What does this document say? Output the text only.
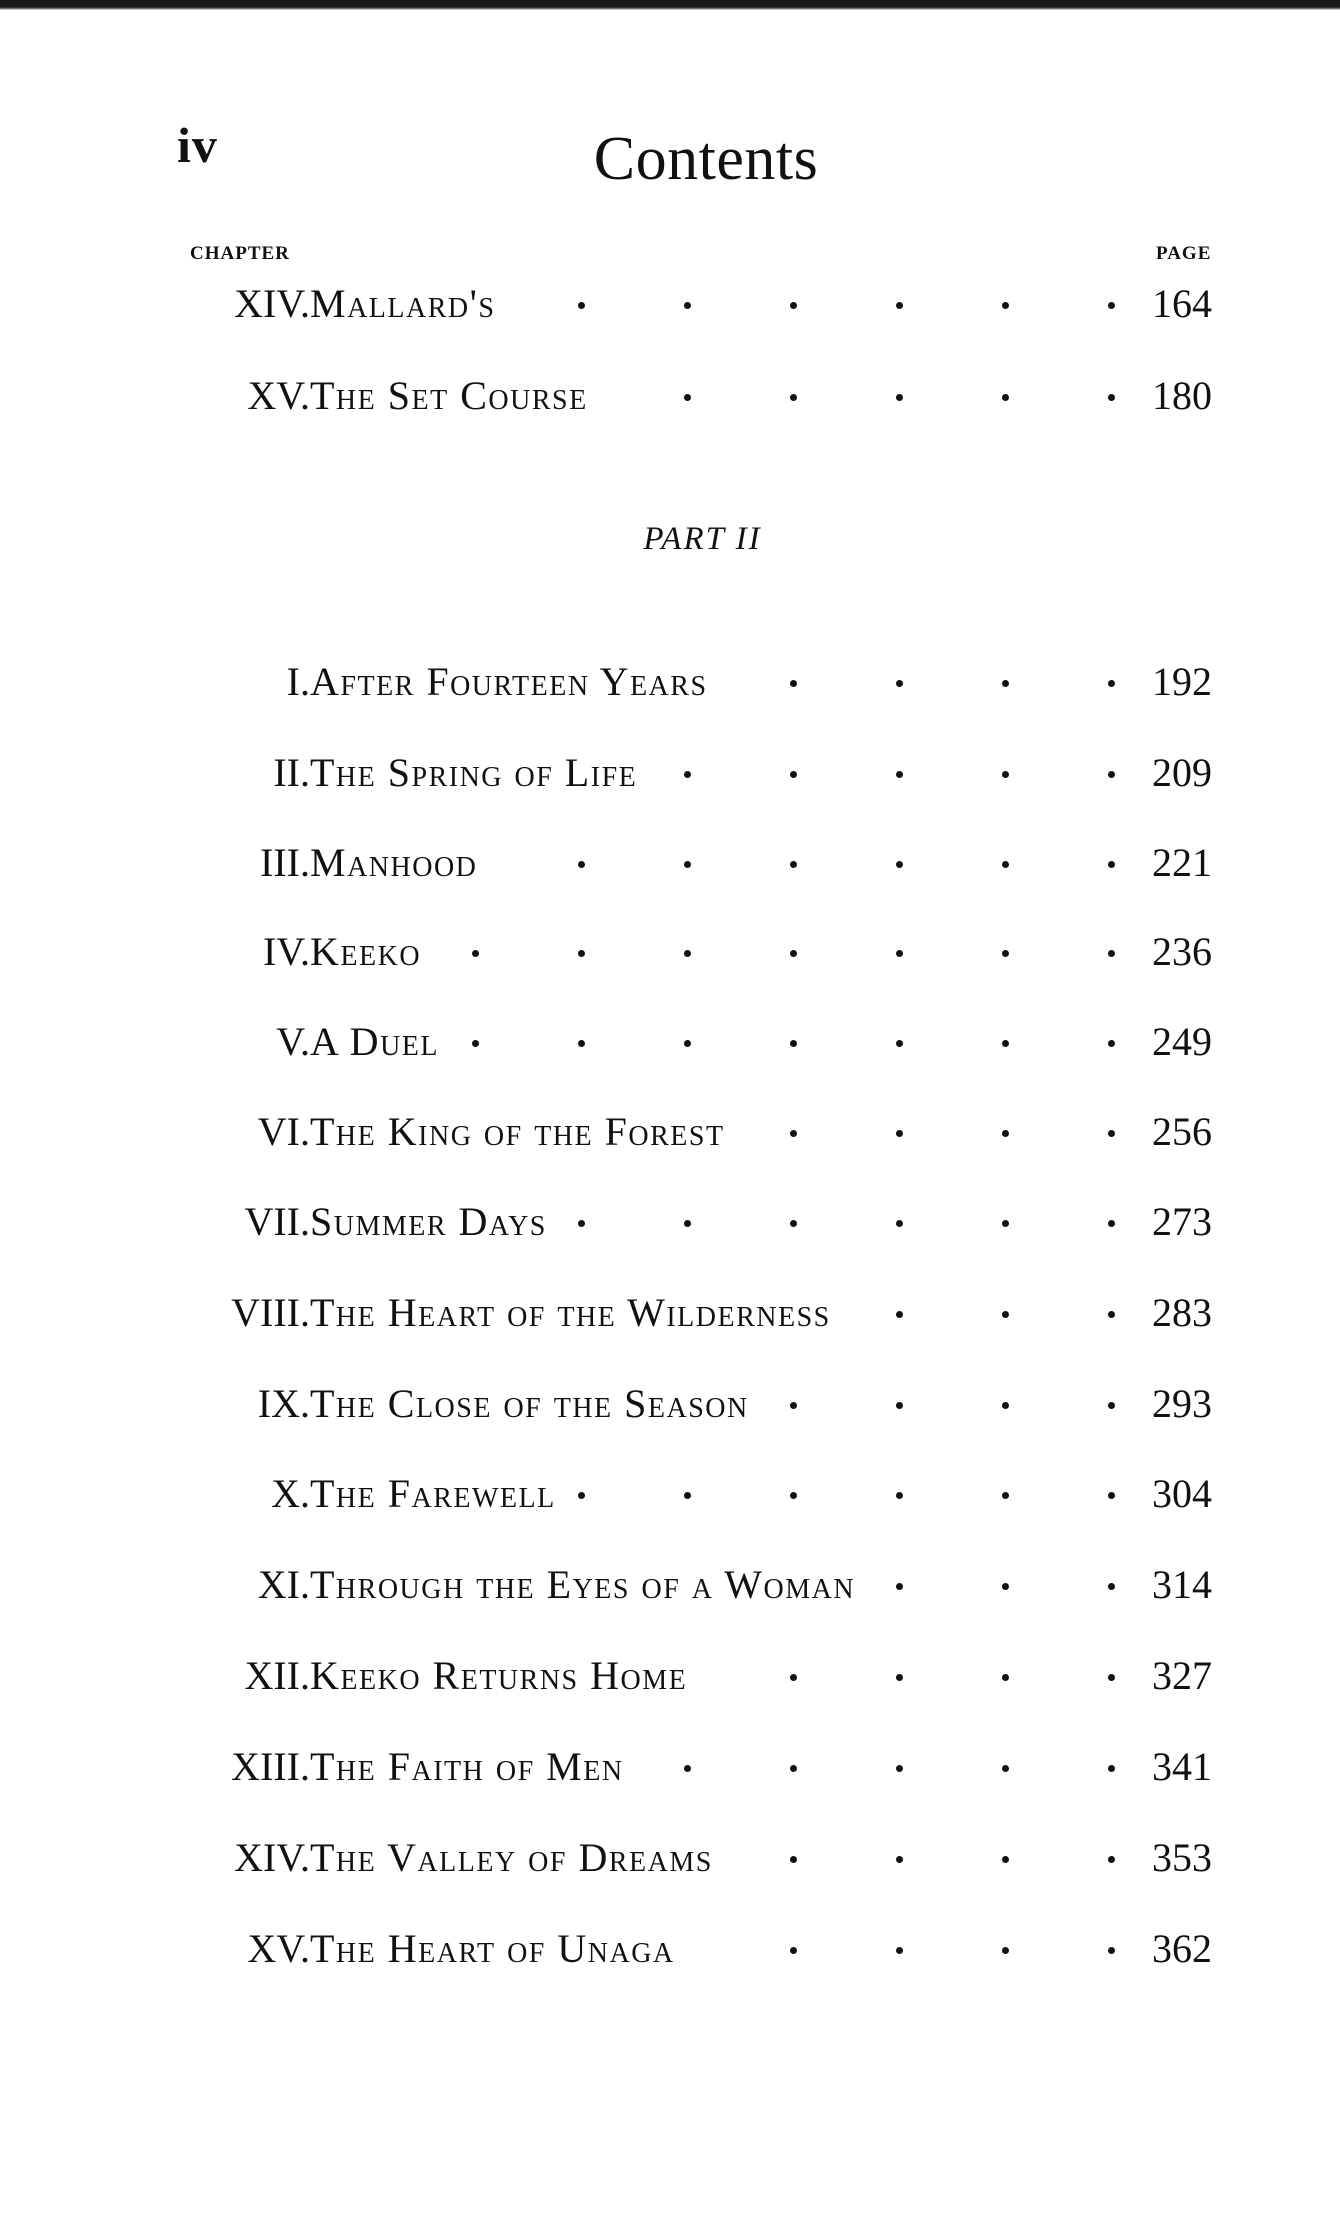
iv	Contents
CHAPTER	PAGE
XIV. Mallard's	164
XV. The Set Course	180
PART II
I. After Fourteen Years	192
II. The Spring of Life	209
III. Manhood	221
IV. Keeko	236
V. A Duel	249
VI. The King of the Forest	256
VII. Summer Days	273
VIII. The Heart of the Wilderness	283
IX. The Close of the Season	293
X. The Farewell	304
XI. Through the Eyes of a Woman	314
XII. Keeko Returns Home	327
XIII. The Faith of Men	341
XIV. The Valley of Dreams	353
XV. The Heart of Unaga	362
